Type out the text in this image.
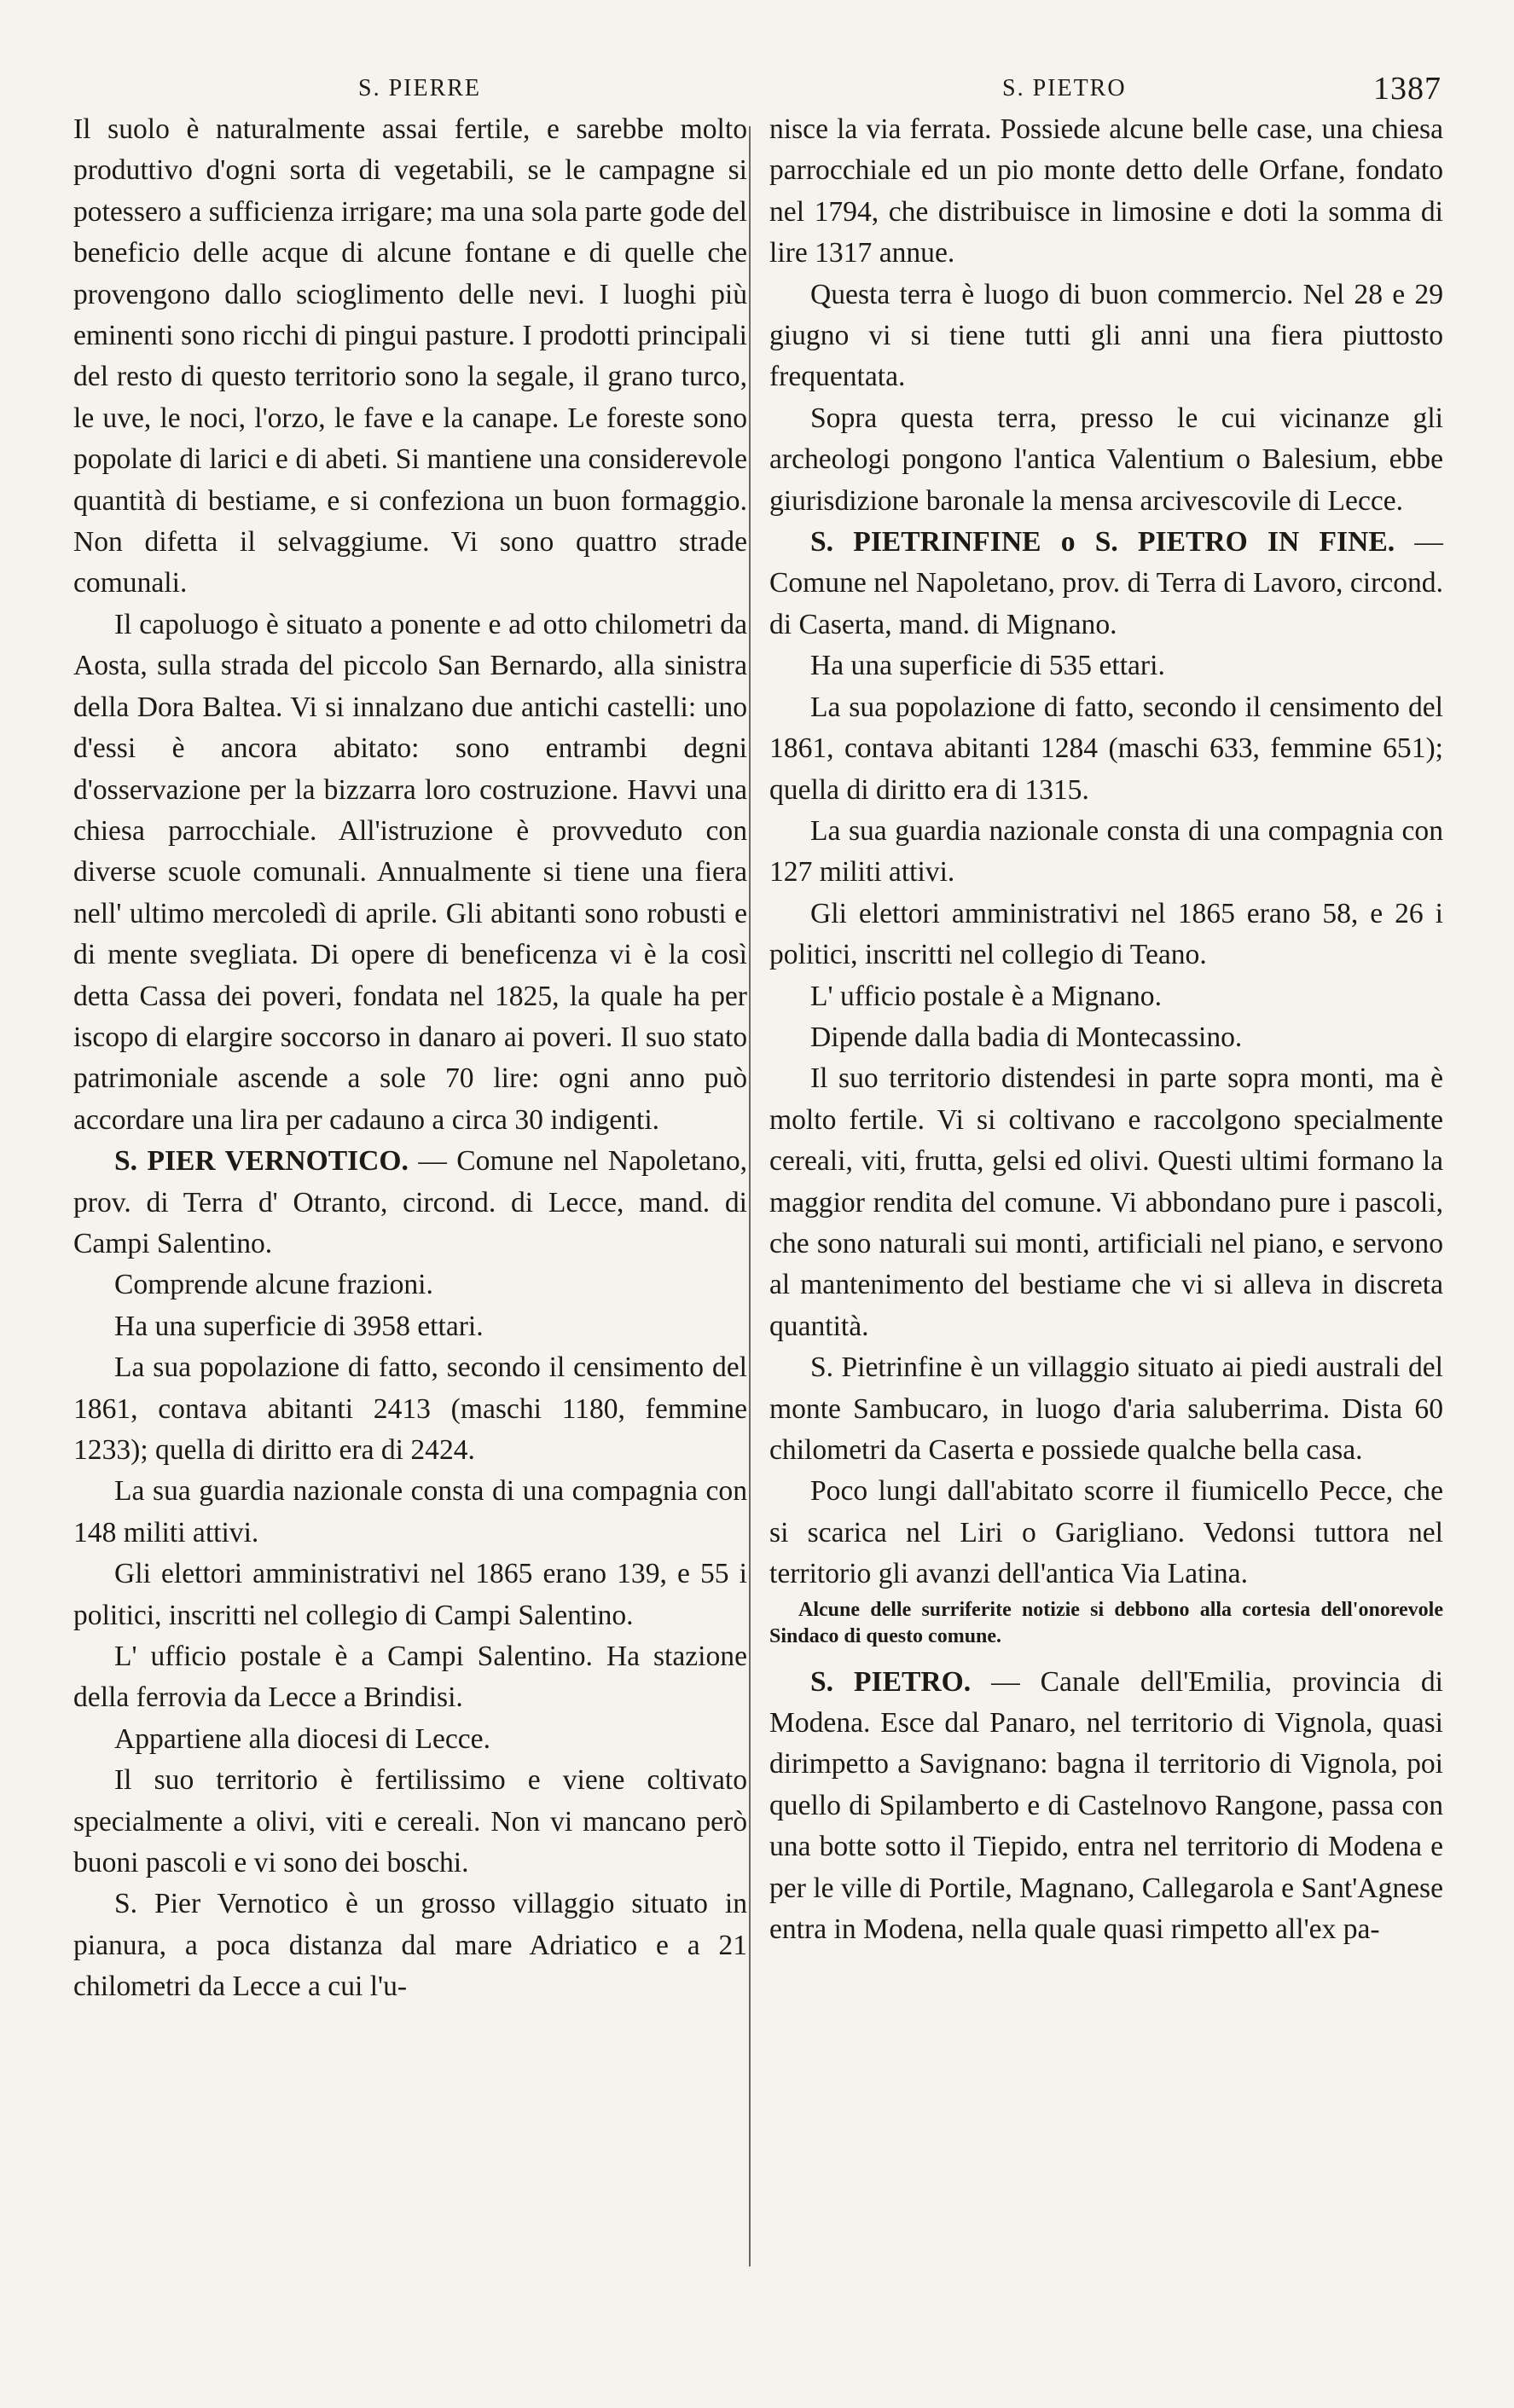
S. PIERRE	S. PIETRO	1387

Il suolo è naturalmente assai fertile, e sarebbe molto produttivo d'ogni sorta di vegetabili, se le campagne si potessero a sufficienza irrigare; ma una sola parte gode del beneficio delle acque di alcune fontane e di quelle che provengono dallo scioglimento delle nevi. I luoghi più eminenti sono ricchi di pingui pasture. I prodotti principali del resto di questo territorio sono la segale, il grano turco, le uve, le noci, l'orzo, le fave e la canape. Le foreste sono popolate di larici e di abeti. Si mantiene una considerevole quantità di bestiame, e si confeziona un buon formaggio. Non difetta il selvaggiume. Vi sono quattro strade comunali.

Il capoluogo è situato a ponente e ad otto chilometri da Aosta, sulla strada del piccolo San Bernardo, alla sinistra della Dora Baltea. Vi si innalzano due antichi castelli: uno d'essi è ancora abitato: sono entrambi degni d'osservazione per la bizzarra loro costruzione. Havvi una chiesa parrocchiale. All'istruzione è provveduto con diverse scuole comunali. Annualmente si tiene una fiera nell' ultimo mercoledì di aprile. Gli abitanti sono robusti e di mente svegliata. Di opere di beneficenza vi è la così detta Cassa dei poveri, fondata nel 1825, la quale ha per iscopo di elargire soccorso in danaro ai poveri. Il suo stato patrimoniale ascende a sole 70 lire: ogni anno può accordare una lira per cadauno a circa 30 indigenti.

S. PIER VERNOTICO. — Comune nel Napoletano, prov. di Terra d' Otranto, circond. di Lecce, mand. di Campi Salentino.

Comprende alcune frazioni.

Ha una superficie di 3958 ettari.

La sua popolazione di fatto, secondo il censimento del 1861, contava abitanti 2413 (maschi 1180, femmine 1233); quella di diritto era di 2424.

La sua guardia nazionale consta di una compagnia con 148 militi attivi.

Gli elettori amministrativi nel 1865 erano 139, e 55 i politici, inscritti nel collegio di Campi Salentino.

L' ufficio postale è a Campi Salentino. Ha stazione della ferrovia da Lecce a Brindisi.

Appartiene alla diocesi di Lecce.

Il suo territorio è fertilissimo e viene coltivato specialmente a olivi, viti e cereali. Non vi mancano però buoni pascoli e vi sono dei boschi.

S. Pier Vernotico è un grosso villaggio situato in pianura, a poca distanza dal mare Adriatico e a 21 chilometri da Lecce a cui l'u-

nisce la via ferrata. Possiede alcune belle case, una chiesa parrocchiale ed un pio monte detto delle Orfane, fondato nel 1794, che distribuisce in limosine e doti la somma di lire 1317 annue.

Questa terra è luogo di buon commercio. Nel 28 e 29 giugno vi si tiene tutti gli anni una fiera piuttosto frequentata.

Sopra questa terra, presso le cui vicinanze gli archeologi pongono l'antica Valentium o Balesium, ebbe giurisdizione baronale la mensa arcivescovile di Lecce.

S. PIETRINFINE o S. PIETRO IN FINE. — Comune nel Napoletano, prov. di Terra di Lavoro, circond. di Caserta, mand. di Mignano.

Ha una superficie di 535 ettari.

La sua popolazione di fatto, secondo il censimento del 1861, contava abitanti 1284 (maschi 633, femmine 651); quella di diritto era di 1315.

La sua guardia nazionale consta di una compagnia con 127 militi attivi.

Gli elettori amministrativi nel 1865 erano 58, e 26 i politici, inscritti nel collegio di Teano.

L' ufficio postale è a Mignano.

Dipende dalla badia di Montecassino.

Il suo territorio distendesi in parte sopra monti, ma è molto fertile. Vi si coltivano e raccolgono specialmente cereali, viti, frutta, gelsi ed olivi. Questi ultimi formano la maggior rendita del comune. Vi abbondano pure i pascoli, che sono naturali sui monti, artificiali nel piano, e servono al mantenimento del bestiame che vi si alleva in discreta quantità.

S. Pietrinfine è un villaggio situato ai piedi australi del monte Sambucaro, in luogo d'aria saluberrima. Dista 60 chilometri da Caserta e possiede qualche bella casa.

Poco lungi dall'abitato scorre il fiumicello Pecce, che si scarica nel Liri o Garigliano. Vedonsi tuttora nel territorio gli avanzi dell'antica Via Latina.

Alcune delle surriferite notizie si debbono alla cortesia dell'onorevole Sindaco di questo comune.

S. PIETRO. — Canale dell'Emilia, provincia di Modena. Esce dal Panaro, nel territorio di Vignola, quasi dirimpetto a Savignano: bagna il territorio di Vignola, poi quello di Spilamberto e di Castelnovo Rangone, passa con una botte sotto il Tiepido, entra nel territorio di Modena e per le ville di Portile, Magnano, Callegarola e Sant'Agnese entra in Modena, nella quale quasi rimpetto all'ex pa-
